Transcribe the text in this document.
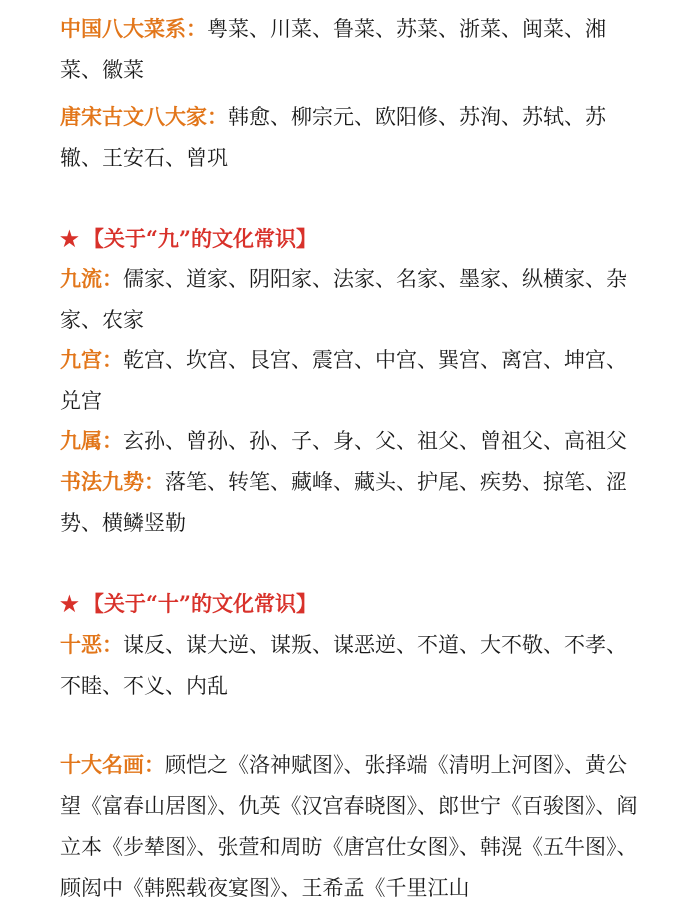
中国八大菜系：粤菜、川菜、鲁菜、苏菜、浙菜、闽菜、湘菜、徽菜

唐宋古文八大家：韩愈、柳宗元、欧阳修、苏洵、苏轼、苏辙、王安石、曾巩

★ 【关于“九”的文化常识】

九流：儒家、道家、阴阳家、法家、名家、墨家、纵横家、杂家、农家

九宫：乾宫、坎宫、艮宫、震宫、中宫、巽宫、离宫、坤宫、兑宫

九属：玄孙、曾孙、孙、子、身、父、祖父、曾祖父、高祖父

书法九势：落笔、转笔、藏峰、藏头、护尾、疾势、掠笔、涩势、横鳞竖勒

★ 【关于“十”的文化常识】

十恶：谋反、谋大逆、谋叛、谋恶逆、不道、大不敬、不孝、不睦、不义、内乱

十大名画：顾恺之《洛神赋图》、张择端《清明上河图》、黄公望《富春山居图》、仇英《汉宫春晓图》、郎世宁《百骏图》、阎立本《步辇图》、张萱和周昉《唐宫仕女图》、韩滉《五牛图》、顾闳中《韩熙载夜宴图》、王希孟《千里江山
